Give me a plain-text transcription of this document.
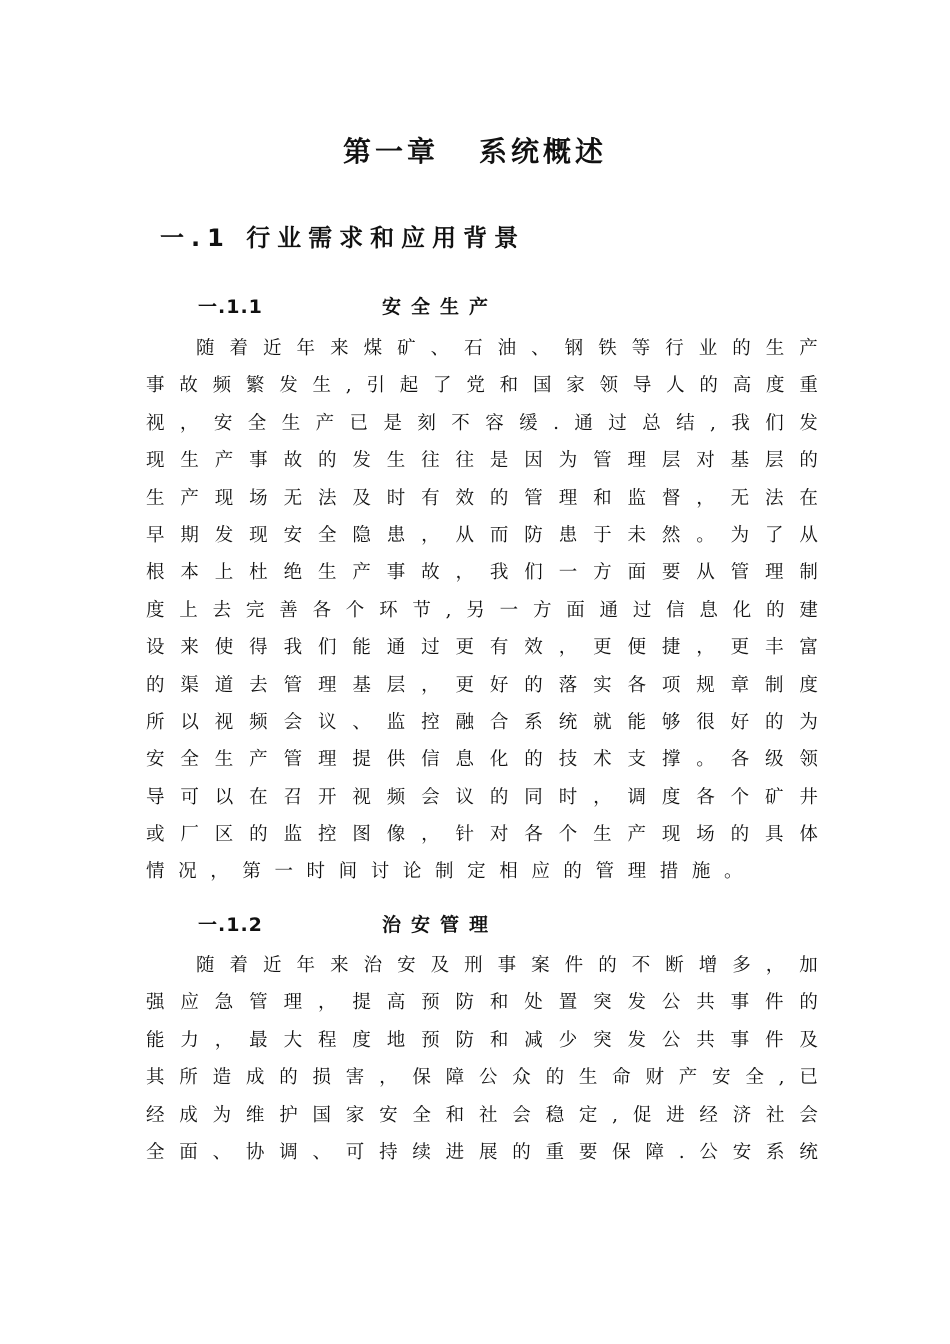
第一章 系统概述
一.1 行业需求和应用背景
一.1.1	安全生产
随 着 近 年 来 煤 矿 、 石 油 、 钢 铁 等 行 业 的 生 产
事 故 频 繁 发 生 , 引 起 了 党 和 国 家 领 导 人 的 高 度 重
视 ， 安 全 生 产 已 是 刻 不 容 缓 . 通 过 总 结 , 我 们 发
现 生 产 事 故 的 发 生 往 往 是 因 为 管 理 层 对 基 层 的
生 产 现 场 无 法 及 时 有 效 的 管 理 和 监 督 ， 无 法 在
早 期 发 现 安 全 隐 患 ， 从 而 防 患 于 未 然 。 为 了 从
根 本 上 杜 绝 生 产 事 故 ， 我 们 一 方 面 要 从 管 理 制
度 上 去 完 善 各 个 环 节 , 另 一 方 面 通 过 信 息 化 的 建
设 来 使 得 我 们 能 通 过 更 有 效 ， 更 便 捷 ， 更 丰 富
的 渠 道 去 管 理 基 层 ， 更 好 的 落 实 各 项 规 章 制 度
所 以 视 频 会 议 、 监 控 融 合 系 统 就 能 够 很 好 的 为
安 全 生 产 管 理 提 供 信 息 化 的 技 术 支 撑 。 各 级 领
导 可 以 在 召 开 视 频 会 议 的 同 时 ， 调 度 各 个 矿 井
或 厂 区 的 监 控 图 像 ， 针 对 各 个 生 产 现 场 的 具 体
情 况 ， 第 一 时 间 讨 论 制 定 相 应 的 管 理 措 施 。
一.1.2	治安管理
随 着 近 年 来 治 安 及 刑 事 案 件 的 不 断 增 多 ， 加
强 应 急 管 理 ， 提 高 预 防 和 处 置 突 发 公 共 事 件 的
能 力 ， 最 大 程 度 地 预 防 和 减 少 突 发 公 共 事 件 及
其 所 造 成 的 损 害 ， 保 障 公 众 的 生 命 财 产 安 全 , 已
经 成 为 维 护 国 家 安 全 和 社 会 稳 定 , 促 进 经 济 社 会
全 面 、 协 调 、 可 持 续 进 展 的 重 要 保 障 . 公 安 系 统
